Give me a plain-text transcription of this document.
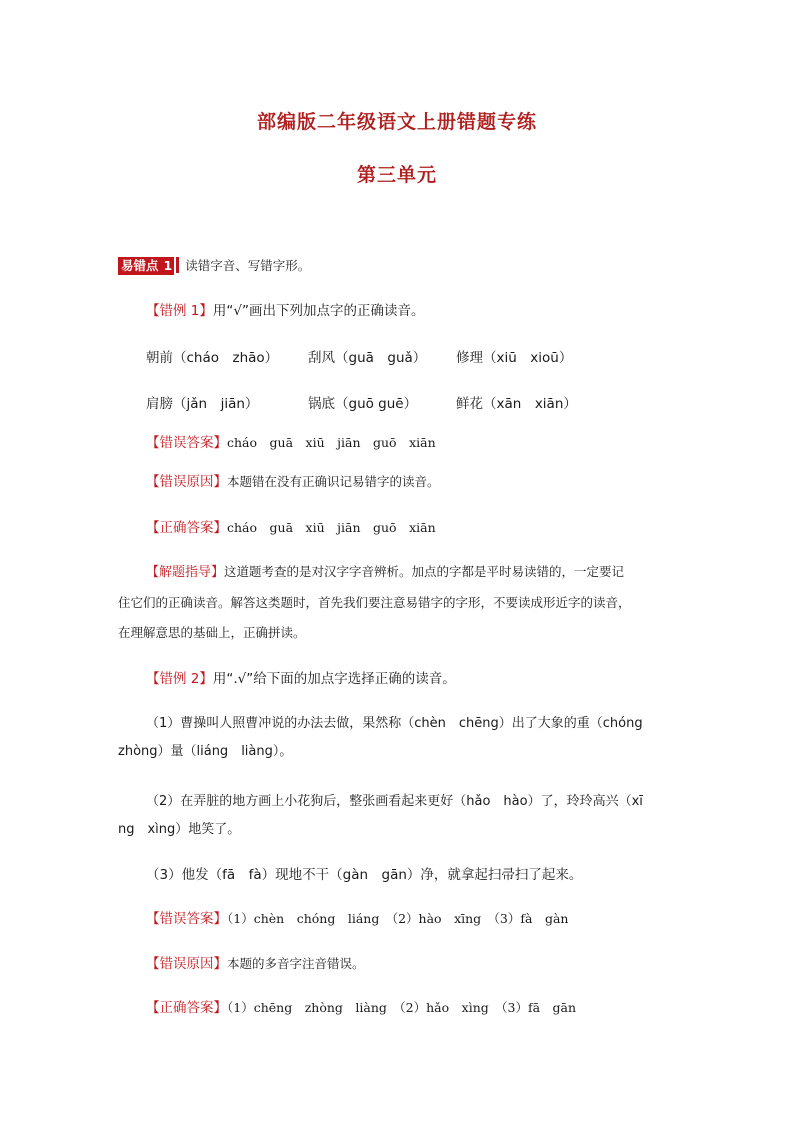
部编版二年级语文上册错题专练
第三单元
易错点 1 读错字音、写错字形。
【错例 1】用“√”画出下列加点字的正确读音。
朝前（cháo　zhāo） 刮风（guā　guǎ） 修理（xiū　xioū）
肩膀（jǎn　jiān）	锅底（guō guē）	鲜花（xān　xiān）
【错误答案】cháo　guā　xiū　jiān　guō　xiān
【错误原因】本题错在没有正确识记易错字的读音。
【正确答案】cháo　guā　xiū　jiān　guō　xiān
【解题指导】这道题考查的是对汉字字音辨析。加点的字都是平时易读错的，一定要记
住它们的正确读音。解答这类题时，首先我们要注意易错字的字形，不要读成形近字的读音，
在理解意思的基础上，正确拼读。
【错例 2】用“.√”给下面的加点字选择正确的读音。
（1）曹操叫人照曹冲说的办法去做，果然称（chèn　chēng）出了大象的重（chóng
zhòng）量（liáng　liàng）。
（2）在弄脏的地方画上小花狗后，整张画看起来更好（hǎo　hào）了，玲玲高兴（xī
ng　xìng）地笑了。
（3）他发（fā　fà）现地不干（gàn　gān）净，就拿起扫帚扫了起来。
【错误答案】（1）chèn　chóng　liáng　（2）hào　xīng　（3）fà　gàn
【错误原因】本题的多音字注音错误。
【正确答案】（1）chēng　zhòng　liàng　（2）hǎo　xìng　（3）fā　gān
